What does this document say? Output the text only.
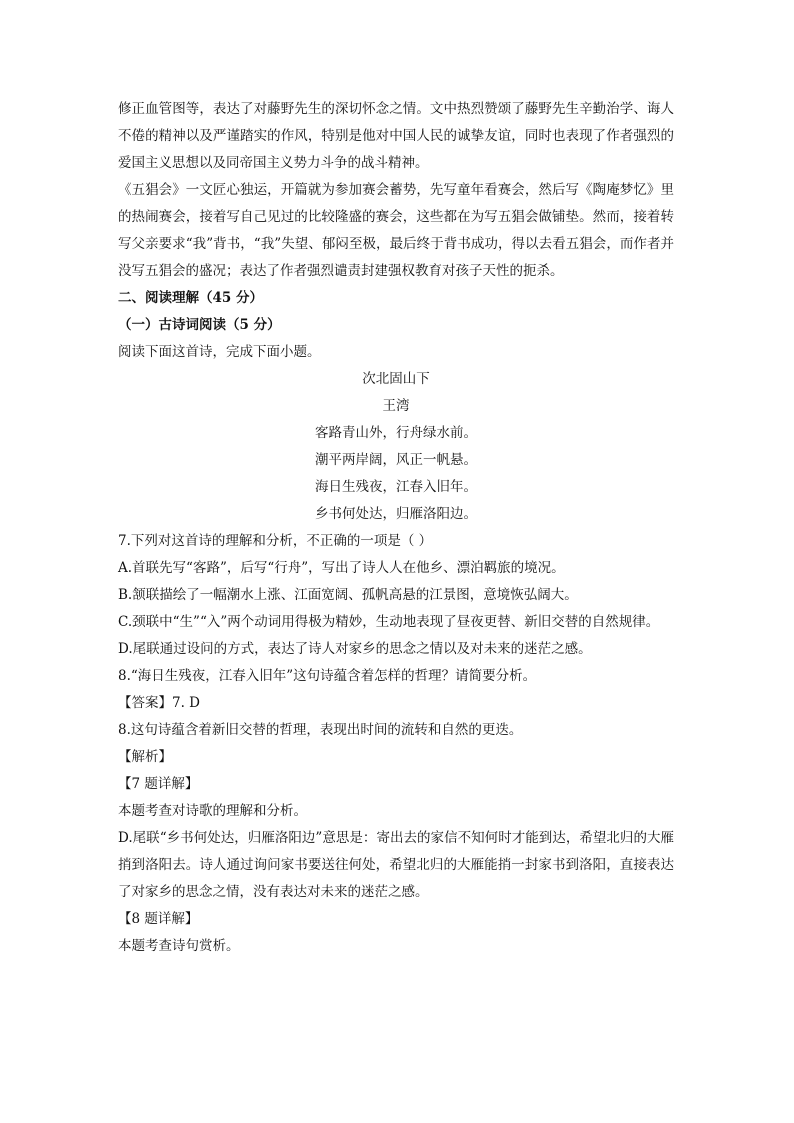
修正血管图等，表达了对藤野先生的深切怀念之情。文中热烈赞颂了藤野先生辛勤治学、诲人不倦的精神以及严谨踏实的作风，特别是他对中国人民的诚挚友谊，同时也表现了作者强烈的爱国主义思想以及同帝国主义势力斗争的战斗精神。

《五猖会》一文匠心独运，开篇就为参加赛会蓄势，先写童年看赛会，然后写《陶庵梦忆》里的热闹赛会，接着写自己见过的比较隆盛的赛会，这些都在为写五猖会做铺垫。然而，接着转写父亲要求“我”背书，“我”失望、郁闷至极，最后终于背书成功，得以去看五猖会，而作者并没写五猖会的盛况；表达了作者强烈谴责封建强权教育对孩子天性的扼杀。

二、阅读理解（45 分）

（一）古诗词阅读（5 分）

阅读下面这首诗，完成下面小题。

次北固山下

王湾

客路青山外，行舟绿水前。

潮平两岸阔，风正一帆悬。

海日生残夜，江春入旧年。

乡书何处达，归雁洛阳边。

7.下列对这首诗的理解和分析，不正确的一项是（ ）

A.首联先写“客路”，后写“行舟”，写出了诗人人在他乡、漂泊羁旅的境况。

B.颔联描绘了一幅潮水上涨、江面宽阔、孤帆高悬的江景图，意境恢弘阔大。

C.颈联中“生”“入”两个动词用得极为精妙，生动地表现了昼夜更替、新旧交替的自然规律。

D.尾联通过设问的方式，表达了诗人对家乡的思念之情以及对未来的迷茫之感。

8.“海日生残夜，江春入旧年”这句诗蕴含着怎样的哲理？请简要分析。

【答案】7. D

8.这句诗蕴含着新旧交替的哲理，表现出时间的流转和自然的更迭。

【解析】

【7 题详解】

本题考查对诗歌的理解和分析。

D.尾联“乡书何处达，归雁洛阳边”意思是：寄出去的家信不知何时才能到达，希望北归的大雁捎到洛阳去。诗人通过询问家书要送往何处，希望北归的大雁能捎一封家书到洛阳，直接表达了对家乡的思念之情，没有表达对未来的迷茫之感。

【8 题详解】

本题考查诗句赏析。
